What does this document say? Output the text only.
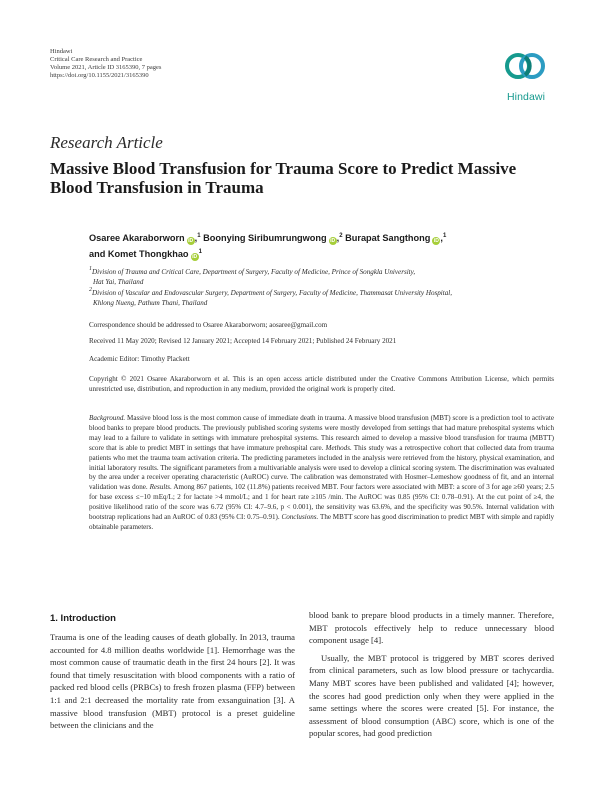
Hindawi
Critical Care Research and Practice
Volume 2021, Article ID 3165390, 7 pages
https://doi.org/10.1155/2021/3165390
Hindawi
Research Article
Massive Blood Transfusion for Trauma Score to Predict Massive Blood Transfusion in Trauma
Osaree Akaraborworn iD ,$^1$ Boonying Siribumrungwong iD ,$^2$ Burapat Sangthong iD ,$^1$
and Komet Thongkhao $iD^1$
$^1$Division of Trauma and Critical Care, Department of Surgery, Faculty of Medicine, Prince of Songkla University,
Hat Yai, Thailand
$^2$Division of Vascular and Endovascular Surgery, Department of Surgery, Faculty of Medicine, Thammasat University Hospital,
Khlong Nueng, Pathum Thani, Thailand
Correspondence should be addressed to Osaree Akaraborworn; aosaree@gmail.com
Received 11 May 2020; Revised 12 January 2021; Accepted 14 February 2021; Published 24 February 2021
Academic Editor: Timothy Plackett
Copyright © 2021 Osaree Akaraborworn et al. This is an open access article distributed under the Creative Commons Attribution License, which permits unrestricted use, distribution, and reproduction in any medium, provided the original work is properly cited.
Background. Massive blood loss is the most common cause of immediate death in trauma. A massive blood transfusion (MBT) score is a prediction tool to activate blood banks to prepare blood products. The previously published scoring systems were mostly developed from settings that had mature prehospital systems which may lead to a failure to validate in settings with immature prehospital systems. This research aimed to develop a massive blood transfusion for trauma (MBTT) score that is able to predict MBT in settings that have immature prehospital care. Methods. This study was a retrospective cohort that collected data from trauma patients who met the trauma team activation criteria. The predicting parameters included in the analysis were retrieved from the history, physical examination, and initial laboratory results. The significant parameters from a multivariable analysis were used to develop a clinical scoring system. The discrimination was evaluated by the area under a receiver operating characteristic (AuROC) curve. The calibration was demonstrated with Hosmer–Lemeshow goodness of fit, and an internal validation was done. Results. Among 867 patients, 102 (11.8%) patients received MBT. Four factors were associated with MBT: a score of 3 for age ≥60 years; 2.5 for base excess ≤−10 mEq/L; 2 for lactate >4 mmol/L; and 1 for heart rate ≥105 /min. The AuROC was 0.85 (95% CI: 0.78–0.91). At the cut point of ≥4, the positive likelihood ratio of the score was 6.72 (95% CI: 4.7–9.6, p < 0.001), the sensitivity was 63.6%, and the specificity was 90.5%. Internal validation with bootstrap replications had an AuROC of 0.83 (95% CI: 0.75–0.91). Conclusions. The MBTT score has good discrimination to predict MBT with simple and rapidly obtainable parameters.
1. Introduction

Trauma is one of the leading causes of death globally. In 2013, trauma accounted for 4.8 million deaths worldwide [1]. Hemorrhage was the most common cause of traumatic death in the first 24 hours [2]. It was found that timely resuscitation with blood components with a ratio of packed red blood cells (PRBCs) to fresh frozen plasma (FFP) between 1:1 and 2:1 decreased the mortality rate from exsanguination [3]. A massive blood transfusion (MBT) protocol is a preset guideline between the clinicians and the

blood bank to prepare blood products in a timely manner. Therefore, MBT protocols effectively help to reduce unnecessary blood component usage [4].

Usually, the MBT protocol is triggered by MBT scores derived from clinical parameters, such as low blood pressure or tachycardia. Many MBT scores have been published and validated [4]; however, the scores had good prediction only when they were applied in the same settings where the scores were created [5]. For instance, the assessment of blood consumption (ABC) score, which is one of the popular scores, had good prediction
